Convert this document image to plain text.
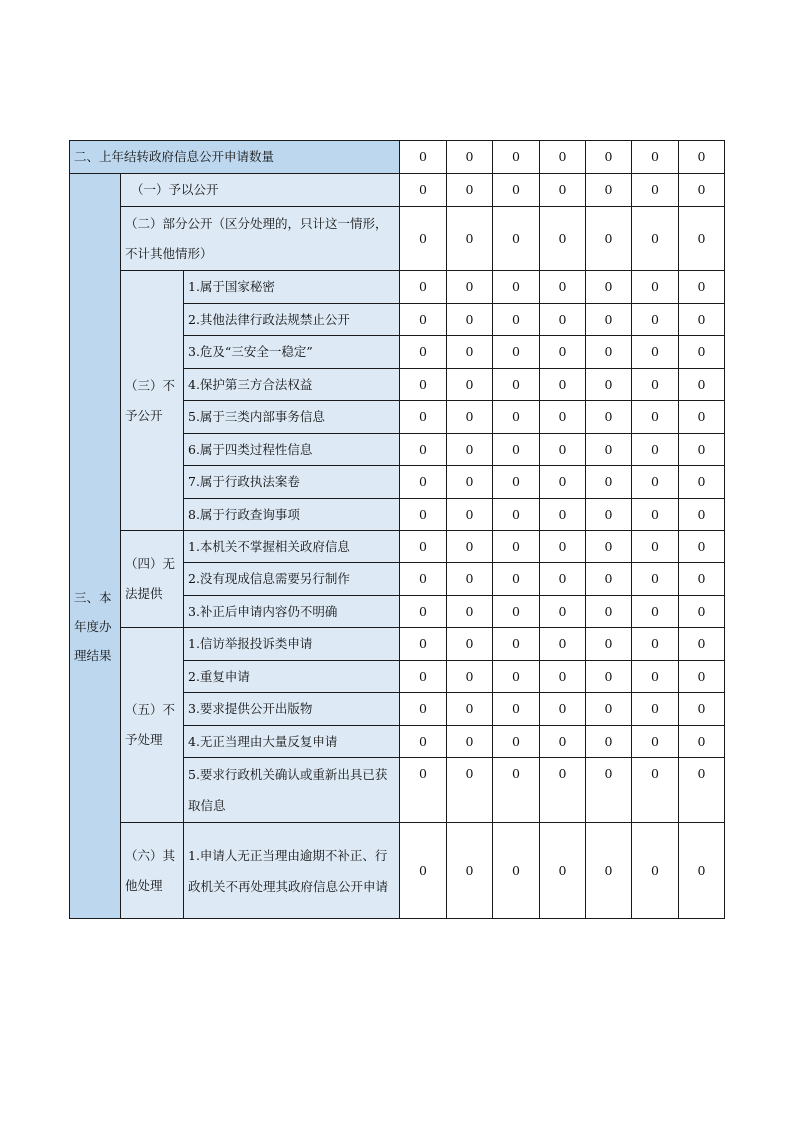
二、上年结转政府信息公开申请数量			0	0	0	0	0	0	0
三、本年度办理结果	（一）予以公开		0	0	0	0	0	0	0
	（二）部分公开（区分处理的，只计这一情形，不计其他情形）		0	0	0	0	0	0	0
	（三）不予公开	1.属于国家秘密	0	0	0	0	0	0	0
		2.其他法律行政法规禁止公开	0	0	0	0	0	0	0
		3.危及“三安全一稳定”	0	0	0	0	0	0	0
		4.保护第三方合法权益	0	0	0	0	0	0	0
		5.属于三类内部事务信息	0	0	0	0	0	0	0
		6.属于四类过程性信息	0	0	0	0	0	0	0
		7.属于行政执法案卷	0	0	0	0	0	0	0
		8.属于行政查询事项	0	0	0	0	0	0	0
	（四）无法提供	1.本机关不掌握相关政府信息	0	0	0	0	0	0	0
		2.没有现成信息需要另行制作	0	0	0	0	0	0	0
		3.补正后申请内容仍不明确	0	0	0	0	0	0	0
	（五）不予处理	1.信访举报投诉类申请	0	0	0	0	0	0	0
		2.重复申请	0	0	0	0	0	0	0
		3.要求提供公开出版物	0	0	0	0	0	0	0
		4.无正当理由大量反复申请	0	0	0	0	0	0	0
		5.要求行政机关确认或重新出具已获取信息	0	0	0	0	0	0	0
	（六）其他处理	1.申请人无正当理由逾期不补正、行政机关不再处理其政府信息公开申请	0	0	0	0	0	0	0
